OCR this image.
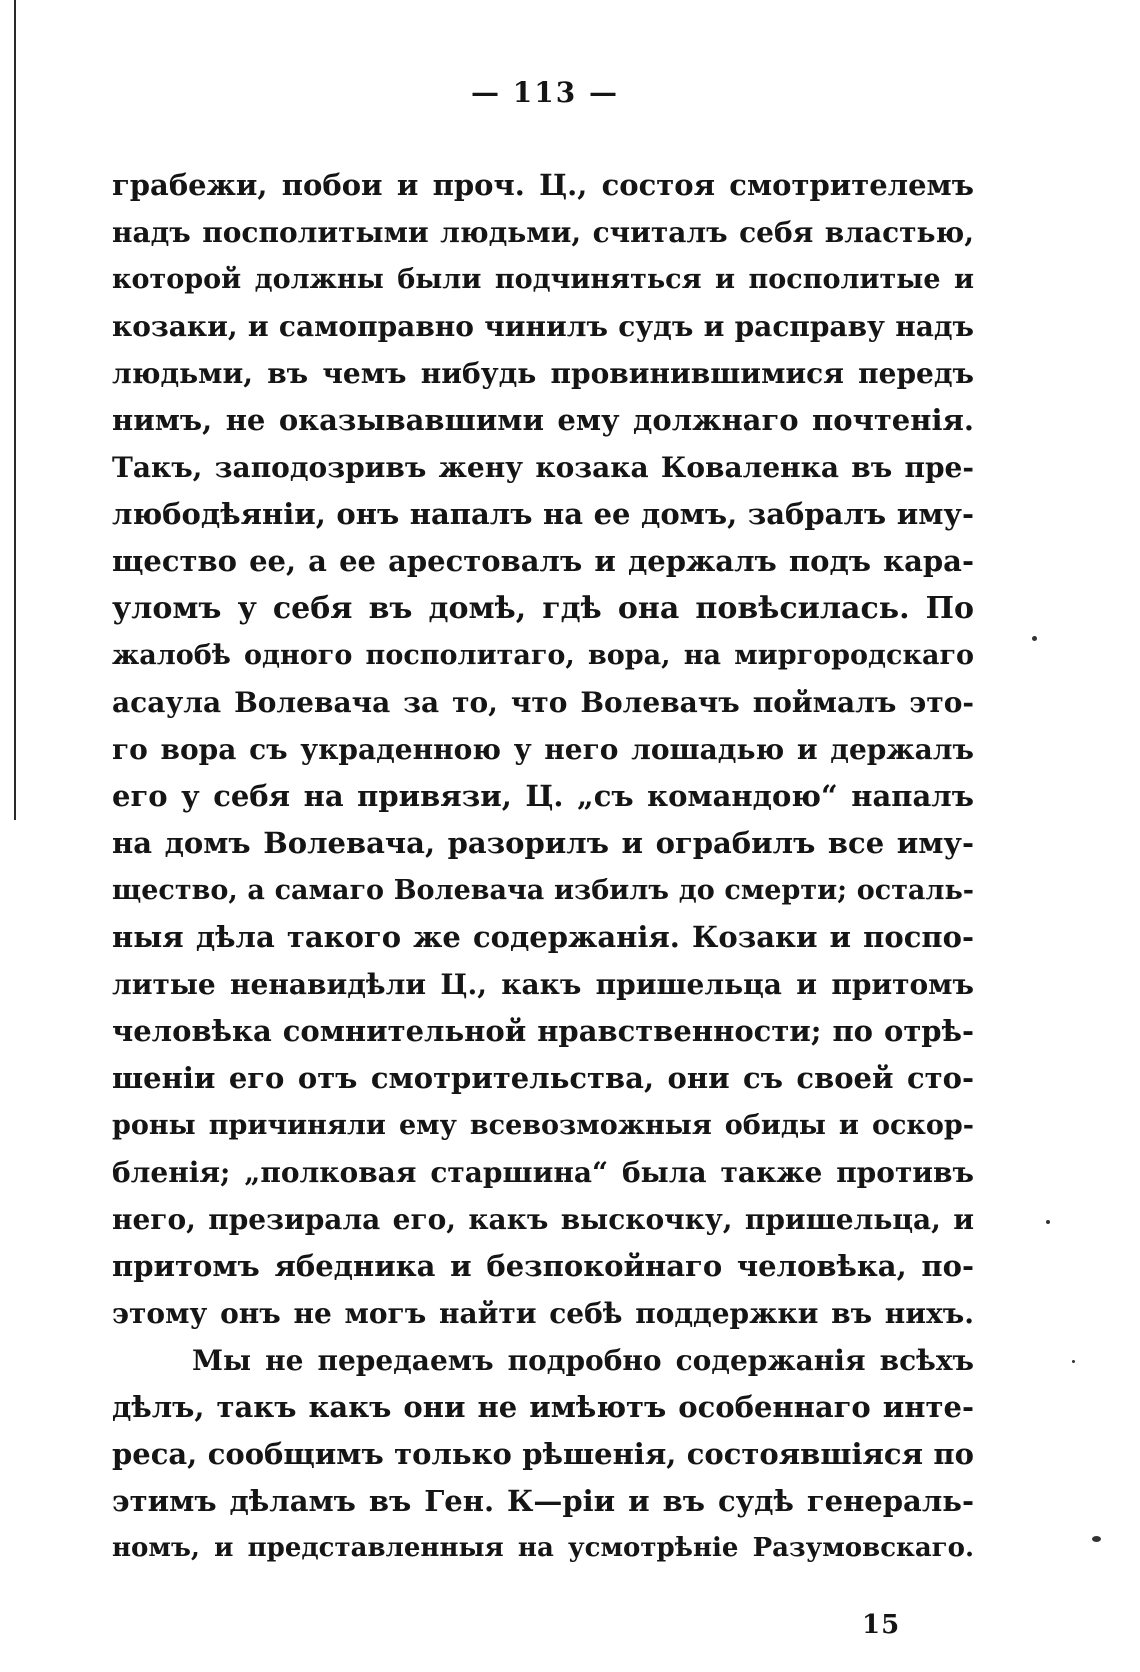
— 113 —
грабежи, побои и проч. Ц., состоя смотрителемъ
надъ посполитыми людьми, считалъ себя властью,
которой должны были подчиняться и посполитые и
козаки, и самоправно чинилъ судъ и расправу надъ
людьми, въ чемъ нибудь провинившимися передъ
нимъ, не оказывавшими ему должнаго почтенія.
Такъ, заподозривъ жену козака Коваленка въ пре-
любодѣяніи, онъ напалъ на ее домъ, забралъ иму-
щество ее, а ее арестовалъ и держалъ подъ кара-
уломъ у себя въ домѣ, гдѣ она повѣсилась. По
жалобѣ одного посполитаго, вора, на миргородскаго
асаула Волевача за то, что Волевачъ поймалъ это-
го вора съ украденною у него лошадью и держалъ
его у себя на привязи, Ц. „съ командою“ напалъ
на домъ Волевача, разорилъ и ограбилъ все иму-
щество, а самаго Волевача избилъ до смерти; осталь-
ныя дѣла такого же содержанія. Козаки и поспо-
литые ненавидѣли Ц., какъ пришельца и притомъ
человѣка сомнительной нравственности; по отрѣ-
шеніи его отъ смотрительства, они съ своей сто-
роны причиняли ему всевозможныя обиды и оскор-
бленія; „полковая старшина“ была также противъ
него, презирала его, какъ выскочку, пришельца, и
притомъ ябедника и безпокойнаго человѣка, по-
этому онъ не могъ найти себѣ поддержки въ нихъ.
Мы не передаемъ подробно содержанія всѣхъ
дѣлъ, такъ какъ они не имѣютъ особеннаго инте-
реса, сообщимъ только рѣшенія, состоявшіяся по
этимъ дѣламъ въ Ген. К—ріи и въ судѣ генераль-
номъ, и представленныя на усмотрѣніе Разумовскаго.
15
